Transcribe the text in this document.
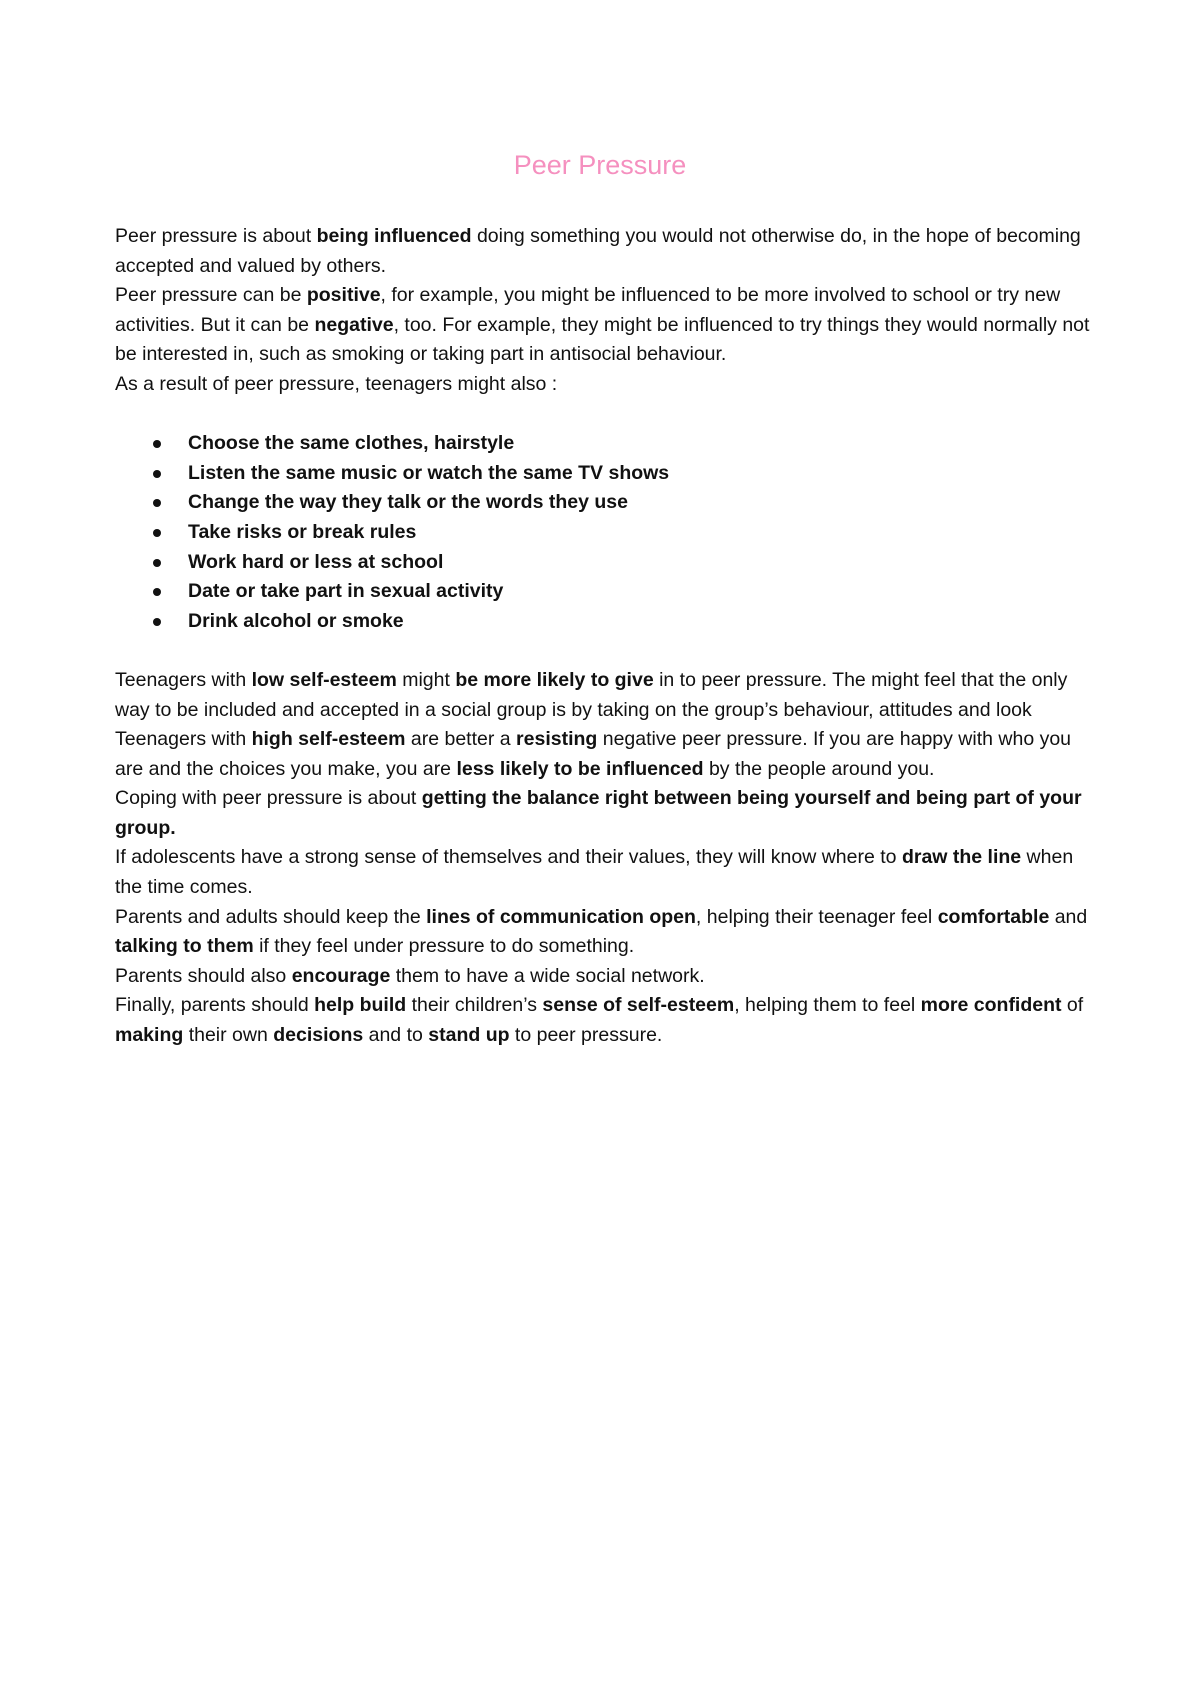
Peer Pressure

Peer pressure is about being influenced doing something you would not otherwise do, in the hope of becoming accepted and valued by others.

Peer pressure can be positive, for example, you might be influenced to be more involved to school or try new activities. But it can be negative, too. For example, they might be influenced to try things they would normally not be interested in, such as smoking or taking part in antisocial behaviour.

As a result of peer pressure, teenagers might also :

Choose the same clothes, hairstyle
Listen the same music or watch the same TV shows
Change the way they talk or the words they use
Take risks or break rules
Work hard or less at school
Date or take part in sexual activity
Drink alcohol or smoke

Teenagers with low self-esteem might be more likely to give in to peer pressure. The might feel that the only way to be included and accepted in a social group is by taking on the group’s behaviour, attitudes and look

Teenagers with high self-esteem are better a resisting negative peer pressure. If you are happy with who you are and the choices you make, you are less likely to be influenced by the people around you.

Coping with peer pressure is about getting the balance right between being yourself and being part of your group.

If adolescents have a strong sense of themselves and their values, they will know where to draw the line when the time comes.

Parents and adults should keep the lines of communication open, helping their teenager feel comfortable and talking to them if they feel under pressure to do something.

Parents should also encourage them to have a wide social network.

Finally, parents should help build their children’s sense of self-esteem, helping them to feel more confident of making their own decisions and to stand up to peer pressure.
